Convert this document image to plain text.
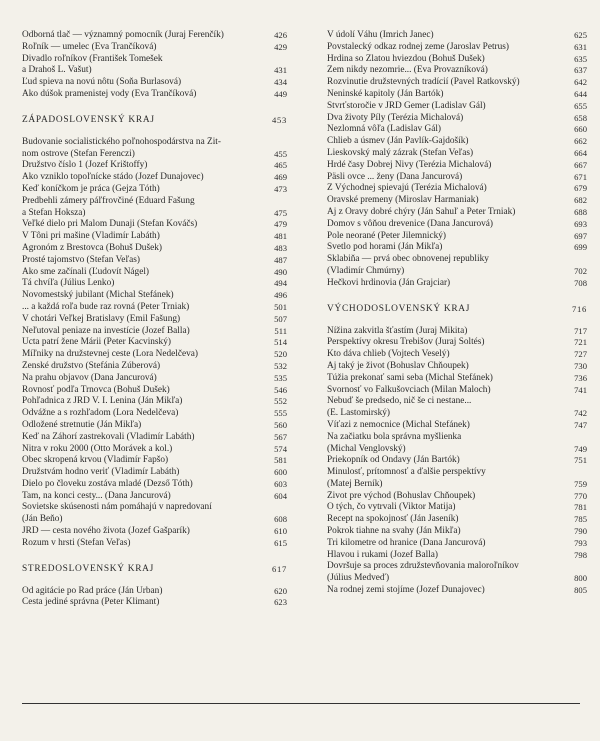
Odborná tlač — významný pomocník (Juraj Ferenčík)	426
Roľník — umelec (Eva Trančíková)	429
Divadlo roľníkov (František Tomešek
a Drahoš L. Vašut)	431
Ľud spieva na novú nôtu (Soňa Burlasová)	434
Ako dúšok pramenistej vody (Eva Trančíková)	449
ZÁPADOSLOVENSKÝ KRAJ	453
Budovanie socialistického poľnohospodárstva na Žit-
nom ostrove (Štefan Ferenczi)	455
Družstvo číslo 1 (Jozef Krištoffy)	465
Ako vzniklo topoľnícke stádo (Jozef Dunajovec)	469
Keď koníčkom je práca (Gejza Tóth)	473
Predbehli zámery páľfrovčiné (Eduard Fašung
a Štefan Hoksza)	475
Veľké dielo pri Malom Dunaji (Štefan Kováčs)	479
V Tôni pri mašine (Vladimír Labáth)	481
Agronóm z Brestovca (Bohuš Dušek)	483
Prosté tajomstvo (Štefan Veľas)	487
Ako sme začínali (Ľudovít Nágel)	490
Tá chvíľa (Július Lenko)	494
Novomestský jubilant (Michal Štefánek)	496
... a každá roľa bude raz rovná (Peter Trniak)	501
V chotári Veľkej Bratislavy (Emil Fašung)	507
Neľutoval peniaze na investície (Jozef Balla)	511
Úcta patrí žene Márii (Peter Kacvinský)	514
Míľniky na družstevnej ceste (Lora Nedelčeva)	520
Ženské družstvo (Štefánia Zúberová)	532
Na prahu objavov (Dana Jancurová)	535
Rovnosť podľa Trnovca (Bohuš Dušek)	546
Pohľadnica z JRD V. I. Lenina (Ján Mikľa)	552
Odvážne a s rozhľadom (Lora Nedelčeva)	555
Odložené stretnutie (Ján Mikľa)	560
Keď na Záhorí zastrekovali (Vladimír Labáth)	567
Nitra v roku 2000 (Otto Morávek a kol.)	574
Obec skropená krvou (Vladimír Fapšo)	581
Družstvám hodno veriť (Vladimír Labáth)	600
Dielo po človeku zostáva mladé (Dezső Tóth)	603
Tam, na konci cesty... (Dana Jancurová)	604
Sovietske skúsenosti nám pomáhajú v napredovaní
(Ján Beňo)	608
JRD — cesta nového života (Jozef Gašparík)	610
Rozum v hrsti (Štefan Veľas)	615
STREDOSLOVENSKÝ KRAJ	617
Od agitácie po Rad práce (Ján Urban)	620
Cesta jediné správna (Peter Klimant)	623
V údolí Váhu (Imrich Janec)	625
Povstalecký odkaz rodnej zeme (Jaroslav Petrus)	631
Hrdina so Zlatou hviezdou (Bohuš Dušek)	635
Zem nikdy nezomrie... (Eva Provazníková)	637
Rozvinutie družstevných tradícií (Pavel Ratkovský)	642
Neninské kapitoly (Ján Bartók)	644
Štvrťstoročie v JRD Gemer (Ladislav Gál)	655
Dva životy Píly (Terézia Michalová)	658
Nezlomná vôľa (Ladislav Gál)	660
Chlieb a úsmev (Ján Pavlík-Gajdošík)	662
Lieskovský malý zázrak (Štefan Veľas)	664
Hrdé časy Dobrej Nivy (Terézia Michalová)	667
Päsli ovce ... ženy (Dana Jancurová)	671
Z Východnej spievajú (Terézia Michalová)	679
Oravské premeny (Miroslav Harmaniak)	682
Aj z Oravy dobré chýry (Ján Sahuľ a Peter Trniak)	688
Domov s vôňou drevenice (Dana Jancurová)	693
Pole neorané (Peter Jilemnický)	697
Svetlo pod horami (Ján Mikľa)	699
Sklabiňa — prvá obec obnovenej republiky
(Vladimír Chmúrny)	702
Hečkovi hrdinovia (Ján Grajciar)	708
VÝCHODOSLOVENSKÝ KRAJ	716
Nížina zakvitla šťastím (Juraj Mikita)	717
Perspektívy okresu Trebišov (Juraj Šoltés)	721
Kto dáva chlieb (Vojtech Veselý)	727
Aj taký je život (Bohuslav Chňoupek)	730
Túžia prekonať sami seba (Michal Štefánek)	736
Svornosť vo Falkušovciach (Milan Maloch)	741
Nebuď še predsedo, nič še ci nestane...
(E. Lastomirský)	742
Víťazi z nemocnice (Michal Štefánek)	747
Na začiatku bola správna myšlienka
(Michal Venglovský)	749
Priekopník od Ondavy (Ján Bartók)	751
Minulosť, prítomnosť a ďalšie perspektívy
(Matej Berník)	759
Život pre východ (Bohuslav Chňoupek)	770
O tých, čo vytrvali (Viktor Matija)	781
Recept na spokojnosť (Ján Jaseník)	785
Pokrok tiahne na svahy (Ján Mikľa)	790
Tri kilometre od hranice (Dana Jancurová)	793
Hlavou i rukami (Jozef Balla)	798
Dovršuje sa proces združstevňovania maloroľníkov
(Július Medveď)	800
Na rodnej zemi stojíme (Jozef Dunajovec)	805
